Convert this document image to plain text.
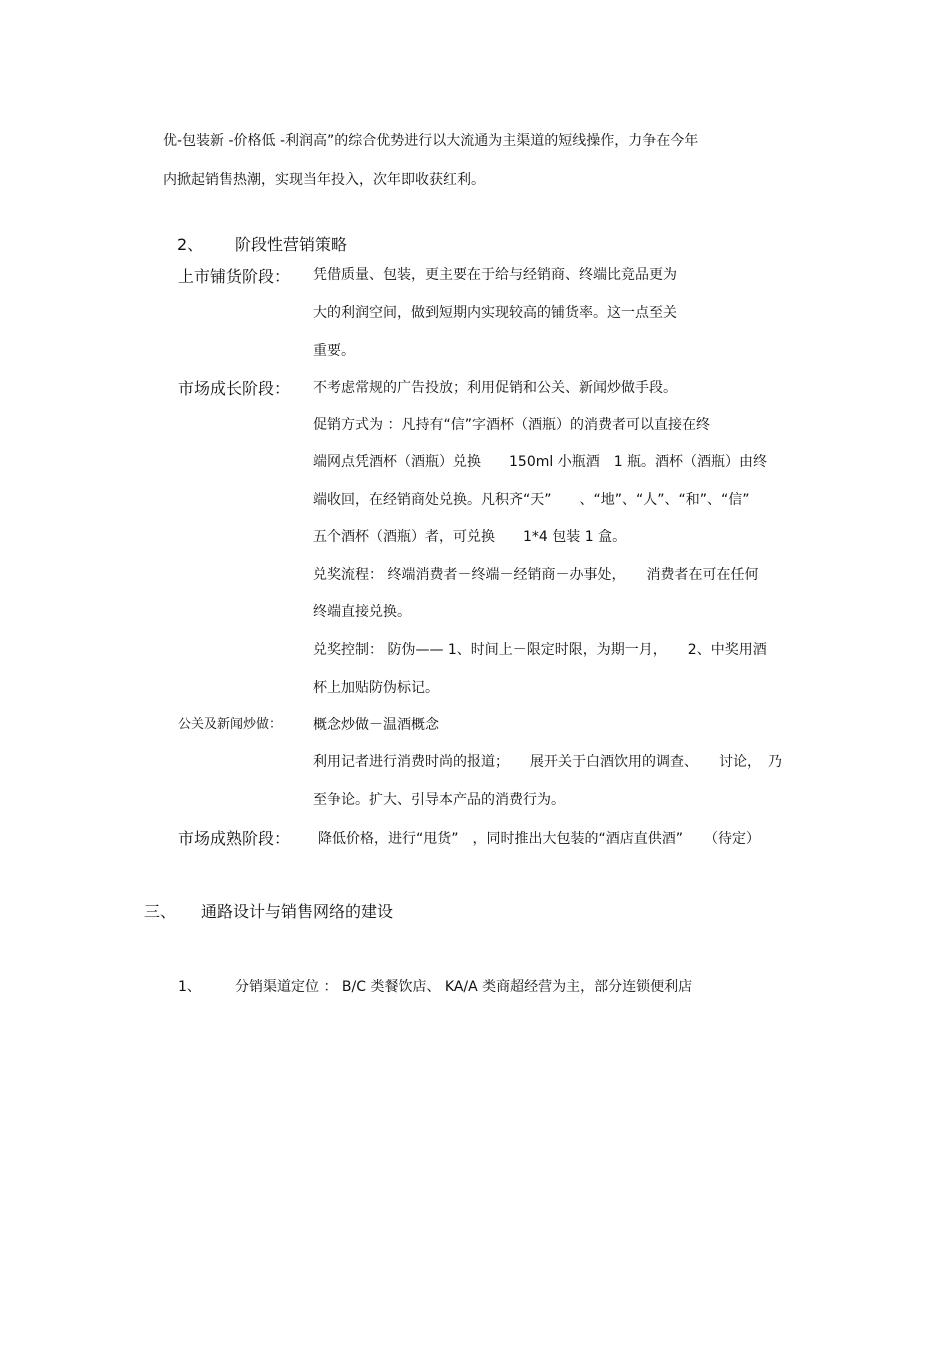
优-包装新 -价格低 -利润高”的综合优势进行以大流通为主渠道的短线操作，力争在今年
内掀起销售热潮，实现当年投入，次年即收获红利。
2、 阶段性营销策略
上市铺货阶段： 凭借质量、包装，更主要在于给与经销商、终端比竞品更为
大的利润空间，做到短期内实现较高的铺货率。这一点至关
重要。
市场成长阶段： 不考虑常规的广告投放；利用促销和公关、新闻炒做手段。
促销方式为 ：凡持有“信”字酒杯（酒瓶）的消费者可以直接在终
端网点凭酒杯（酒瓶）兑换　　150ml 小瓶酒　1 瓶。酒杯（酒瓶）由终
端收回，在经销商处兑换。凡积齐“天”　　、“地”、“人”、“和”、“信”
五个酒杯（酒瓶）者，可兑换　　1*4 包装 1 盒。
兑奖流程： 终端消费者－终端－经销商－办事处，　　消费者在可在任何
终端直接兑换。
兑奖控制： 防伪—— 1、时间上－限定时限，为期一月，　　2、中奖用酒
杯上加贴防伪标记。
公关及新闻炒做： 概念炒做－温酒概念
利用记者进行消费时尚的报道；　　展开关于白酒饮用的调查、　　讨论，　乃
至争论。扩大、引导本产品的消费行为。
市场成熟阶段： 降低价格，进行“甩货”　，同时推出大包装的“酒店直供酒”　　（待定）
三、 通路设计与销售网络的建设
1、 分销渠道定位 ： B/C 类餐饮店、 KA/A 类商超经营为主，部分连锁便利店
